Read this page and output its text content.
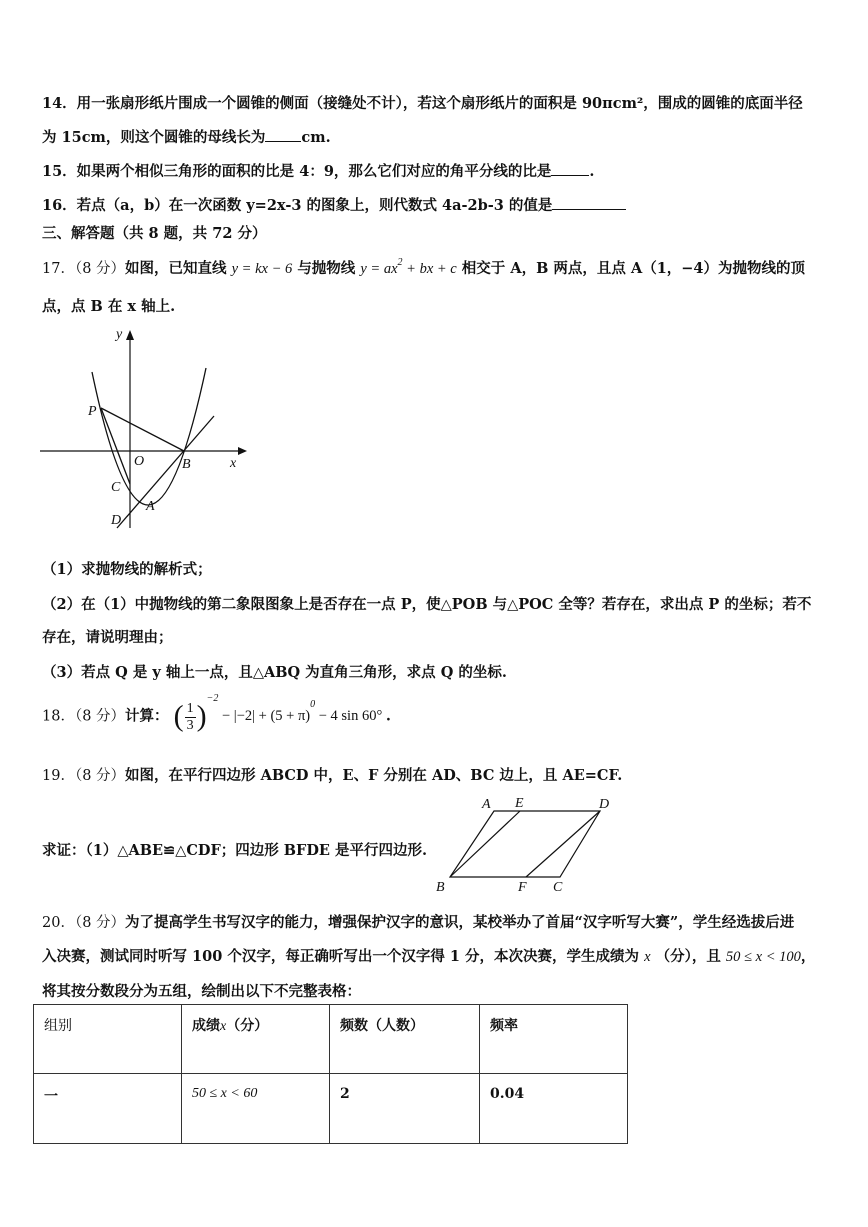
14．用一张扇形纸片围成一个圆锥的侧面（接缝处不计），若这个扇形纸片的面积是 90πcm²，围成的圆锥的底面半径
为 15cm，则这个圆锥的母线长为 cm.
15．如果两个相似三角形的面积的比是 4：9，那么它们对应的角平分线的比是	.
16．若点（a，b）在一次函数 y=2x-3 的图象上，则代数式 4a-2b-3 的值是
三、解答题（共 8 题，共 72 分）
17．（8 分）如图，已知直线 y = kx − 6 与抛物线 $y = ax^2$ + bx + c 相交于 A，B 两点，且点 A（1，−4）为抛物线的顶
点，点 B 在 x 轴上.
y
x
P
O	B
C
A
D
（1）求抛物线的解析式；
（2）在（1）中抛物线的第二象限图象上是否存在一点 P，使△POB 与△POC 全等？若存在，求出点 P 的坐标；若不
存在，请说明理由；
（3）若点 Q 是 y 轴上一点，且△ABQ 为直角三角形，求点 Q 的坐标.
18．（8 分）计算： ( $\frac{1}{3} )^{-2} - |-2| + (5 + \pi)^0 - 4$ sin 60° .
19．（8 分）如图，在平行四边形 ABCD 中，E、F 分别在 AD、BC 边上，且 AE=CF.
求证：（1）△ABE≌△CDF；四边形 BFDE 是平行四边形.
A E	D
B	F C
20．（8 分）为了提高学生书写汉字的能力，增强保护汉字的意识，某校举办了首届“汉字听写大赛”，学生经选拔后进
入决赛，测试同时听写 100 个汉字，每正确听写出一个汉字得 1 分，本次决赛，学生成绩为 x （分），且 50 ≤ x < 100，
将其按分数段分为五组，绘制出以下不完整表格：
组别	成绩x（分）	频数（人数）	频率
一	50 ≤ x < 60	2	0.04
